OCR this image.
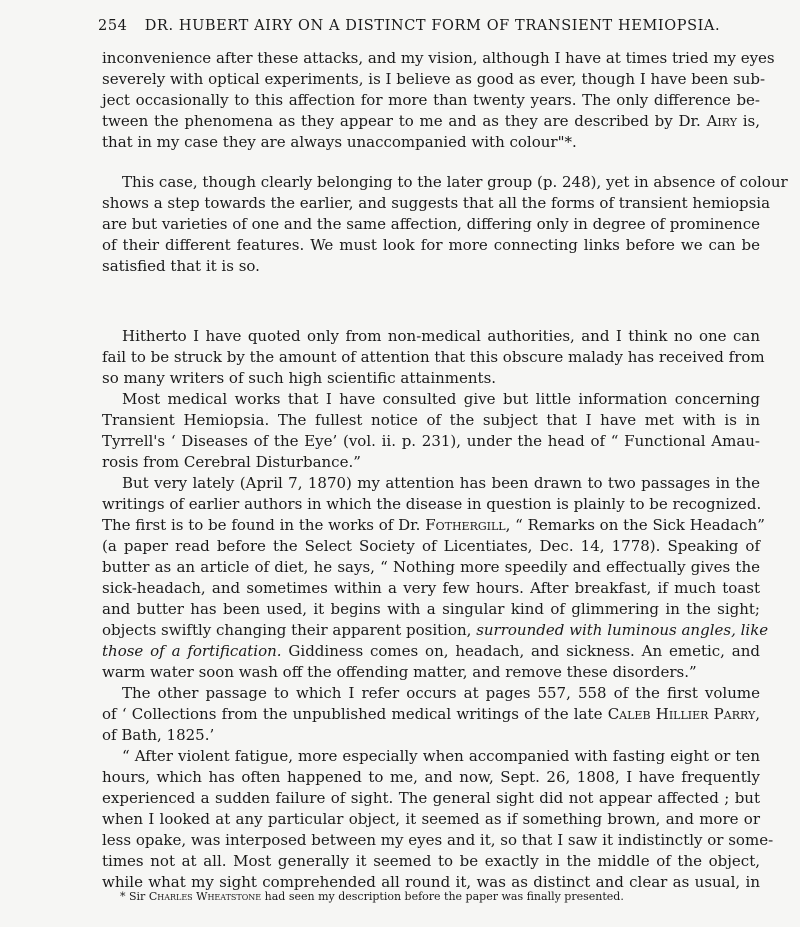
254 DR. HUBERT AIRY ON A DISTINCT FORM OF TRANSIENT HEMIOPSIA.
inconvenience after these attacks, and my vision, although I have at times tried my eyes
severely with optical experiments, is I believe as good as ever, though I have been sub-
ject occasionally to this affection for more than twenty years. The only difference be-
tween the phenomena as they appear to me and as they are described by Dr. Airy is,
that in my case they are always unaccompanied with colour"*.
This case, though clearly belonging to the later group (p. 248), yet in absence of colour
shows a step towards the earlier, and suggests that all the forms of transient hemiopsia
are but varieties of one and the same affection, differing only in degree of prominence
of their different features. We must look for more connecting links before we can be
satisfied that it is so.
Hitherto I have quoted only from non-medical authorities, and I think no one can
fail to be struck by the amount of attention that this obscure malady has received from
so many writers of such high scientific attainments.
Most medical works that I have consulted give but little information concerning
Transient Hemiopsia. The fullest notice of the subject that I have met with is in
Tyrrell's ‘ Diseases of the Eye’ (vol. ii. p. 231), under the head of “ Functional Amau-
rosis from Cerebral Disturbance.”
But very lately (April 7, 1870) my attention has been drawn to two passages in the
writings of earlier authors in which the disease in question is plainly to be recognized.
The first is to be found in the works of Dr. Fothergill, “ Remarks on the Sick Headach”
(a paper read before the Select Society of Licentiates, Dec. 14, 1778). Speaking of
butter as an article of diet, he says, “ Nothing more speedily and effectually gives the
sick-headach, and sometimes within a very few hours. After breakfast, if much toast
and butter has been used, it begins with a singular kind of glimmering in the sight;
objects swiftly changing their apparent position, surrounded with luminous angles, like
those of a fortification. Giddiness comes on, headach, and sickness. An emetic, and
warm water soon wash off the offending matter, and remove these disorders.”
The other passage to which I refer occurs at pages 557, 558 of the first volume
of ‘ Collections from the unpublished medical writings of the late Caleb Hillier Parry,
of Bath, 1825.’
“ After violent fatigue, more especially when accompanied with fasting eight or ten
hours, which has often happened to me, and now, Sept. 26, 1808, I have frequently
experienced a sudden failure of sight. The general sight did not appear affected ; but
when I looked at any particular object, it seemed as if something brown, and more or
less opake, was interposed between my eyes and it, so that I saw it indistinctly or some-
times not at all. Most generally it seemed to be exactly in the middle of the object,
while what my sight comprehended all round it, was as distinct and clear as usual, in
* Sir Charles Wheatstone had seen my description before the paper was finally presented.
